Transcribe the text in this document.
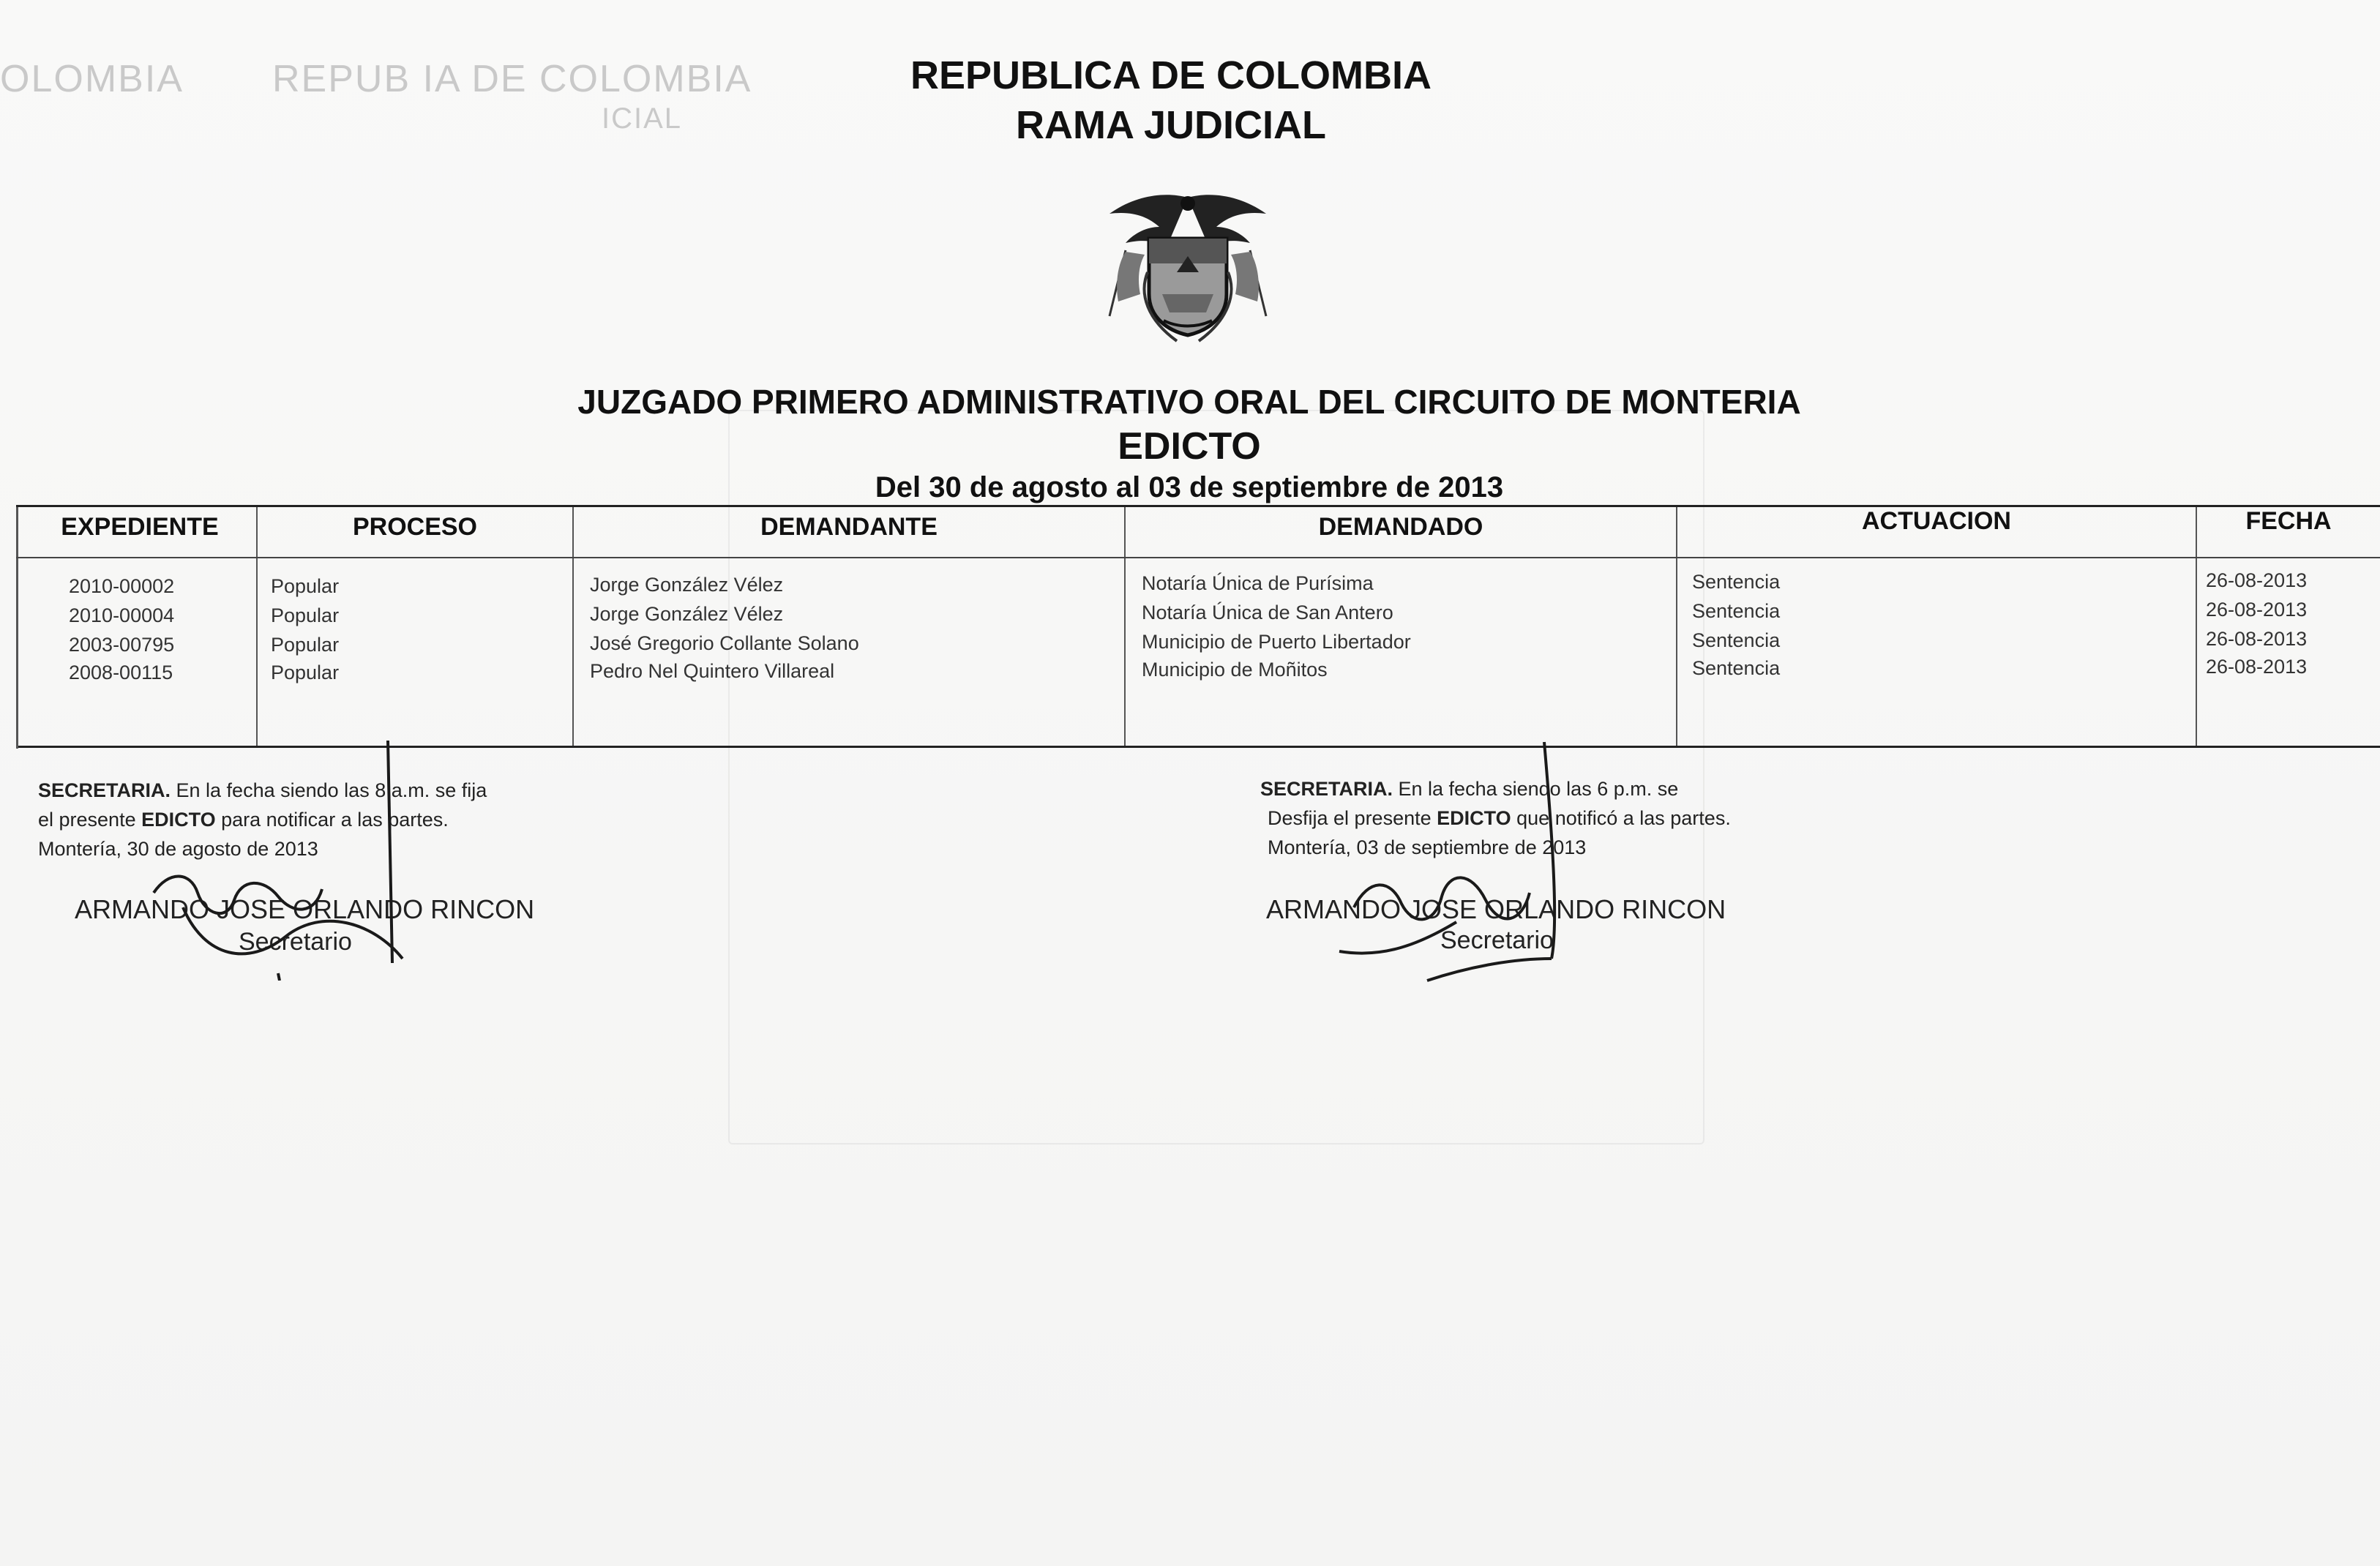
OLOMBIA REPUB IA DE COLOMBIA
ICIAL
REPUBLICA DE COLOMBIA
RAMA JUDICIAL
JUZGADO PRIMERO ADMINISTRATIVO ORAL DEL CIRCUITO DE MONTERIA
EDICTO
Del 30 de agosto al 03 de septiembre de 2013
EXPEDIENTE	PROCESO	DEMANDANTE	DEMANDADO	ACTUACION	FECHA
2010-00002	Popular	Jorge González Vélez	Notaría Única de Purísima	Sentencia	26-08-2013
2010-00004	Popular	Jorge González Vélez	Notaría Única de San Antero	Sentencia	26-08-2013
2003-00795	Popular	José Gregorio Collante Solano	Municipio de Puerto Libertador	Sentencia	26-08-2013
2008-00115	Popular	Pedro Nel Quintero Villareal	Municipio de Moñitos	Sentencia	26-08-2013
SECRETARIA. En la fecha siendo las 8 a.m. se fija
el presente EDICTO para notificar a las partes.
Montería, 30 de agosto de 2013
ARMANDO JOSE ORLANDO RINCON
Secretario
SECRETARIA. En la fecha siendo las 6 p.m. se
Desfija el presente EDICTO que notificó a las partes.
Montería, 03 de septiembre de 2013
ARMANDO JOSE ORLANDO RINCON
Secretario
